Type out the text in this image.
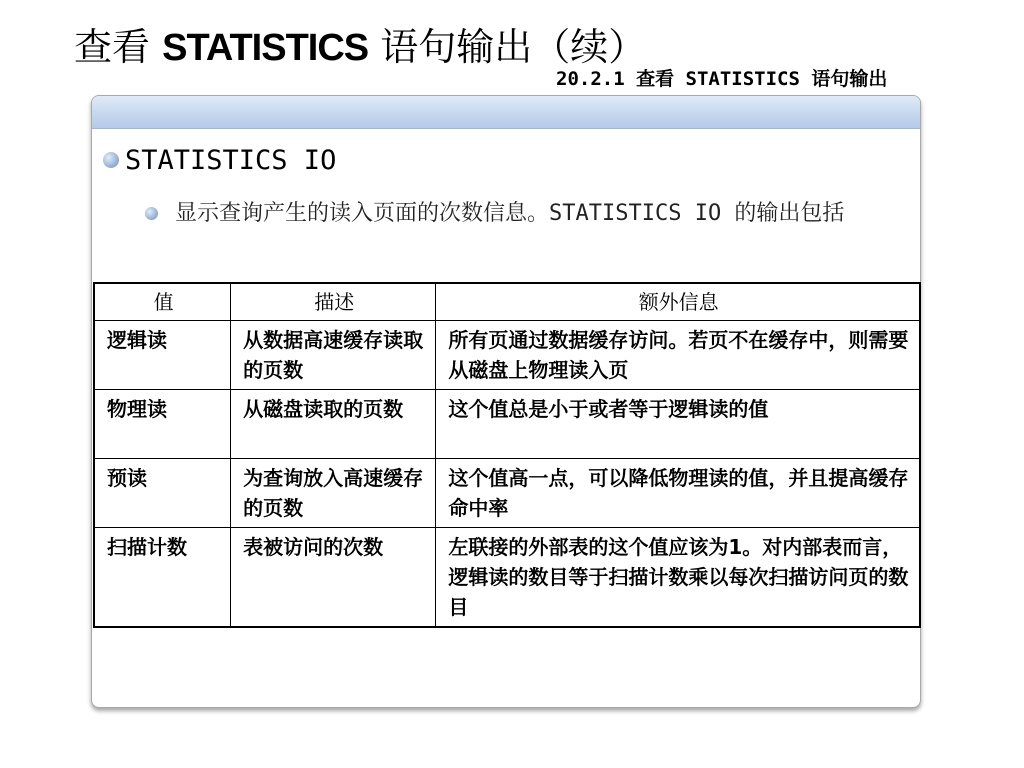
查看 STATISTICS 语句输出（续）
20.2.1 查看 STATISTICS 语句输出
STATISTICS IO
显示查询产生的读入页面的次数信息。STATISTICS IO 的输出包括
值	描述	额外信息
逻辑读	从数据高速缓存读取的页数	所有页通过数据缓存访问。若页不在缓存中，则需要从磁盘上物理读入页
物理读	从磁盘读取的页数	这个值总是小于或者等于逻辑读的值
预读	为查询放入高速缓存的页数	这个值高一点，可以降低物理读的值，并且提高缓存命中率
扫描计数	表被访问的次数	左联接的外部表的这个值应该为1。对内部表而言，逻辑读的数目等于扫描计数乘以每次扫描访问页的数目
